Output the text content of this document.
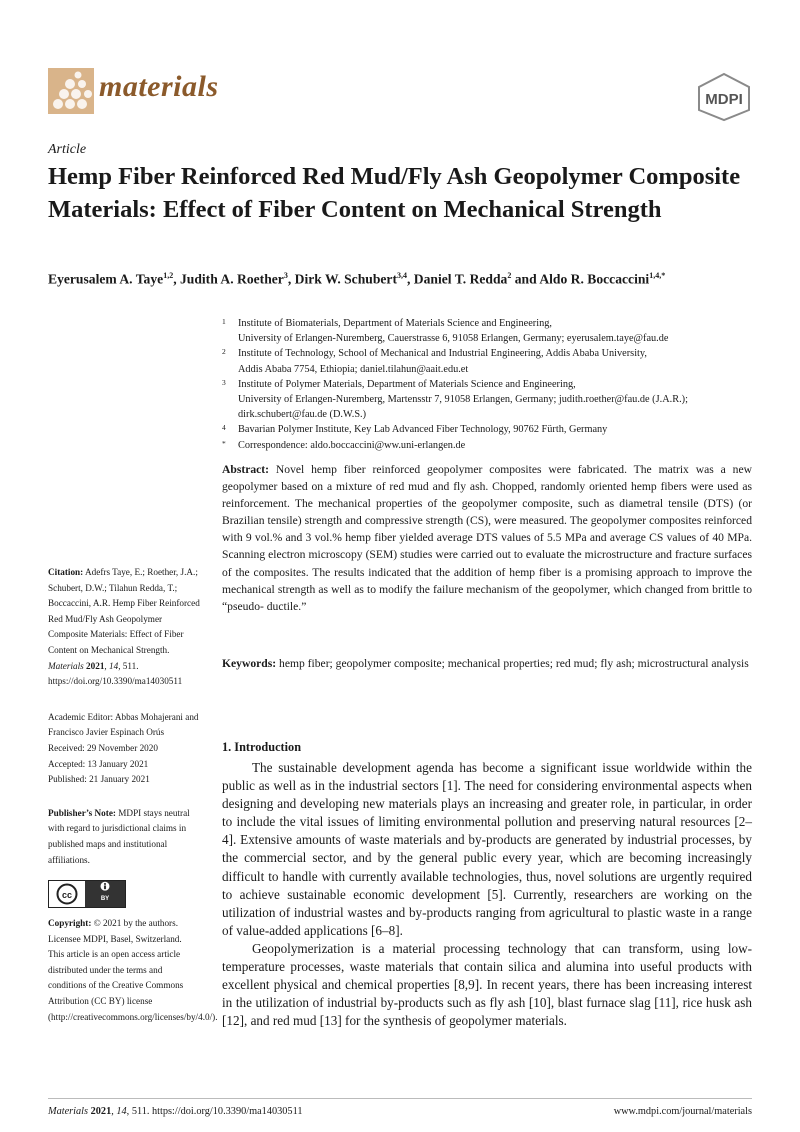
materials	MDPI
Article
Hemp Fiber Reinforced Red Mud/Fly Ash Geopolymer Composite Materials: Effect of Fiber Content on Mechanical Strength
Eyerusalem A. Taye$^{1,2}$, Judith A. Roether$^3$, Dirk W. Schubert$^{3,4}$, Daniel T. Redda$^2$ and Aldo R. Boccaccini$^{1,4,*}$
1 Institute of Biomaterials, Department of Materials Science and Engineering,
University of Erlangen-Nuremberg, Cauerstrasse 6, 91058 Erlangen, Germany; eyerusalem.taye@fau.de
2 Institute of Technology, School of Mechanical and Industrial Engineering, Addis Ababa University,
Addis Ababa 7754, Ethiopia; daniel.tilahun@aait.edu.et
3 Institute of Polymer Materials, Department of Materials Science and Engineering,
University of Erlangen-Nuremberg, Martensstr 7, 91058 Erlangen, Germany; judith.roether@fau.de (J.A.R.);
dirk.schubert@fau.de (D.W.S.)
4 Bavarian Polymer Institute, Key Lab Advanced Fiber Technology, 90762 Fürth, Germany
* Correspondence: aldo.boccaccini@ww.uni-erlangen.de
Abstract: Novel hemp fiber reinforced geopolymer composites were fabricated. The matrix was a new geopolymer based on a mixture of red mud and fly ash. Chopped, randomly oriented hemp fibers were used as reinforcement. The mechanical properties of the geopolymer composite, such as diametral tensile (DTS) (or Brazilian tensile) strength and compressive strength (CS), were measured. The geopolymer composites reinforced with 9 vol.% and 3 vol.% hemp fiber yielded average DTS values of 5.5 MPa and average CS values of 40 MPa. Scanning electron microscopy (SEM) studies were carried out to evaluate the microstructure and fracture surfaces of the composites. The results indicated that the addition of hemp fiber is a promising approach to improve the mechanical strength as well as to modify the failure mechanism of the geopolymer, which changed from brittle to “pseudo- ductile.”
Keywords: hemp fiber; geopolymer composite; mechanical properties; red mud; fly ash; microstructural analysis
Citation: Adefrs Taye, E.; Roether, J.A.; Schubert, D.W.; Tilahun Redda, T.; Boccaccini, A.R. Hemp Fiber Reinforced Red Mud/Fly Ash Geopolymer Composite Materials: Effect of Fiber Content on Mechanical Strength. Materials 2021, 14, 511. https://doi.org/10.3390/ma14030511
Academic Editor: Abbas Mohajerani and Francisco Javier Espinach Orús
Received: 29 November 2020
Accepted: 13 January 2021
Published: 21 January 2021
Publisher’s Note: MDPI stays neutral with regard to jurisdictional claims in published maps and institutional affiliations.
cc	BY
Copyright: © 2021 by the authors. Licensee MDPI, Basel, Switzerland. This article is an open access article distributed under the terms and conditions of the Creative Commons Attribution (CC BY) license (http://creativecommons.org/licenses/by/4.0/).
1. Introduction

The sustainable development agenda has become a significant issue worldwide within the public as well as in the industrial sectors [1]. The need for considering environmental aspects when designing and developing new materials plays an increasing and greater role, in particular, in order to include the vital issues of limiting environmental pollution and preserving natural resources [2–4]. Extensive amounts of waste materials and by-products are generated by industrial processes, by the commercial sector, and by the general public every year, which are becoming increasingly difficult to handle with currently available technologies, thus, novel solutions are urgently required to achieve sustainable economic development [5]. Currently, researchers are working on the utilization of industrial wastes and by-products ranging from agricultural to plastic waste in a range of value-added applications [6–8].

Geopolymerization is a material processing technology that can transform, using low-temperature processes, waste materials that contain silica and alumina into useful products with excellent physical and chemical properties [8,9]. In recent years, there has been increasing interest in the utilization of industrial by-products such as fly ash [10], blast furnace slag [11], rice husk ash [12], and red mud [13] for the synthesis of geopolymer materials.

Materials 2021, 14, 511. https://doi.org/10.3390/ma14030511	www.mdpi.com/journal/materials
